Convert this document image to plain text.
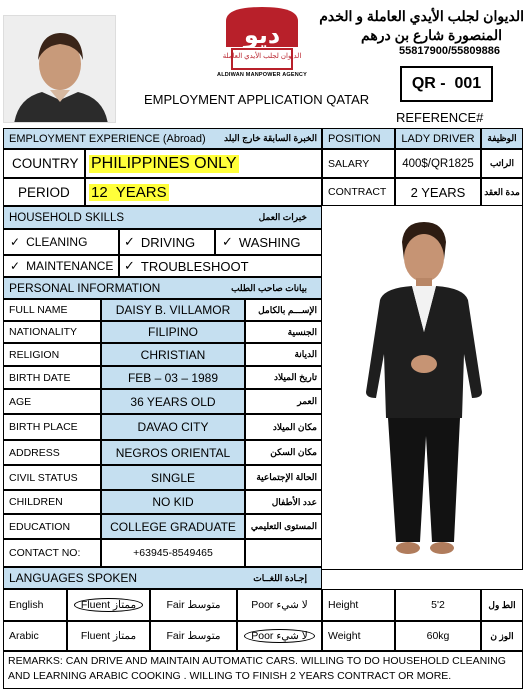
ديو
الديوان لجلب الأيدي العاملة
ALDIWAN MANPOWER AGENCY
الديوان لجلب الأيدي العاملة و الخدم
المنصورة شارع بن درهم
55817900/55809886
QR -  001
EMPLOYMENT APPLICATION QATAR
REFERENCE#
EMPLOYMENT EXPERIENCE (Abroad) الخبرة السابقة خارج البلد	POSITION	LADY DRIVER	الوظيفة
COUNTRY PHILIPPINES ONLY	SALARY	400$/QR1825	الراتب
PERIOD	12  YEARS	CONTRACT	2 YEARS	مدة العقد
HOUSEHOLD SKILLS	خبرات العمل
✓ CLEANING	✓ DRIVING ✓ WASHING
✓ MAINTENANCE ✓ TROUBLESHOOT
PERSONAL INFORMATION	بيانات صاحب الطلب
FULL NAME	DAISY B. VILLAMOR	الإســـم بالكامل
NATIONALITY	FILIPINO	الجنسية
RELIGION	CHRISTIAN	الديانة
BIRTH DATE	FEB – 03 – 1989	تاريخ الميلاد
AGE	36 YEARS OLD	العمر
BIRTH PLACE	DAVAO CITY	مكان الميلاد
ADDRESS	NEGROS ORIENTAL	مكان السكن
CIVIL STATUS	SINGLE	الحالة الإجتماعية
CHILDREN	NO KID	عدد الأطفال
EDUCATION	COLLEGE GRADUATE	المستوى التعليمي
CONTACT NO:	+63945-8549465
LANGUAGES SPOKEN	إجـادة اللغــات
English	Fluent ممتاز	Fair متوسط	Poor لا شيء	Height	5'2	الط ول
Arabic	Fluent ممتاز	Fair متوسط	Poor لا شيء	Weight	60kg	الوز ن
REMARKS: CAN DRIVE AND MAINTAIN AUTOMATIC CARS. WILLING TO DO HOUSEHOLD CLEANING AND LEARNING ARABIC COOKING . WILLING TO FINISH 2 YEARS CONTRACT OR MORE.
